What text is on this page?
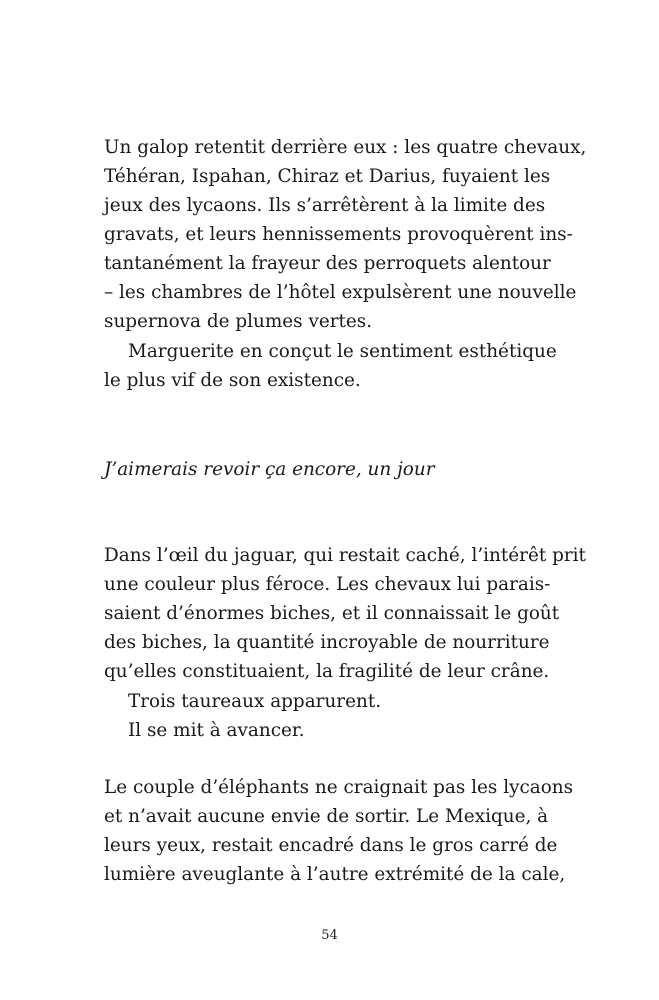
Un galop retentit derrière eux : les quatre chevaux,
Téhéran, Ispahan, Chiraz et Darius, fuyaient les
jeux des lycaons. Ils s’arrêtèrent à la limite des
gravats, et leurs hennissements provoquèrent ins-
tantanément la frayeur des perroquets alentour
– les chambres de l’hôtel expulsèrent une nouvelle
supernova de plumes vertes.
Marguerite en conçut le sentiment esthétique
le plus vif de son existence.
J’aimerais revoir ça encore, un jour
Dans l’œil du jaguar, qui restait caché, l’intérêt prit
une couleur plus féroce. Les chevaux lui parais-
saient d’énormes biches, et il connaissait le goût
des biches, la quantité incroyable de nourriture
qu’elles constituaient, la fragilité de leur crâne.
Trois taureaux apparurent.
Il se mit à avancer.
Le couple d’éléphants ne craignait pas les lycaons
et n’avait aucune envie de sortir. Le Mexique, à
leurs yeux, restait encadré dans le gros carré de
lumière aveuglante à l’autre extrémité de la cale,
54
